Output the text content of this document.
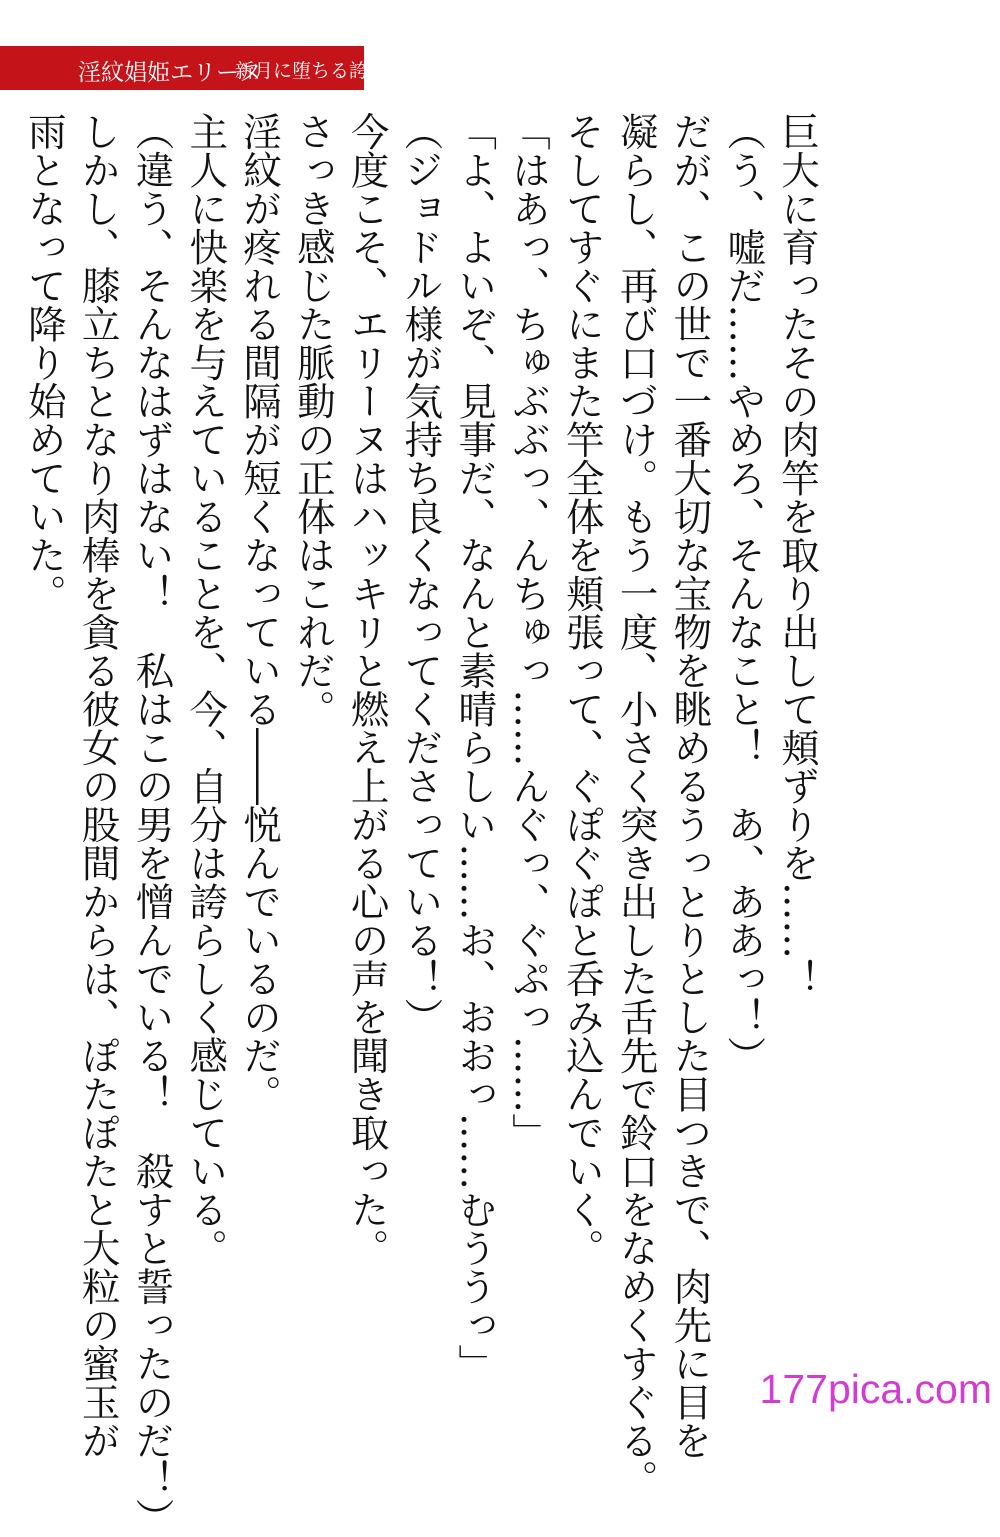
淫紋娼姫エリーヌ
新月に堕ちる誇り
巨大に育ったその肉竿を取り出して頬ずりを……！
（う、嘘だ……やめろ、そんなこと！　あ、ああっ！）
だが、この世で一番大切な宝物を眺めるうっとりとした目つきで、肉先に目を
凝らし、再び口づけ。もう一度、小さく突き出した舌先で鈴口をなめくすぐる。
そしてすぐにまた竿全体を頬張って、ぐぽぐぽと呑み込んでいく。
「はあっ、ちゅぶぶっ、んちゅっ……んぐっ、ぐぷっ……」
「よ、よいぞ、見事だ、なんと素晴らしい……お、おおっ……むううっ」
（ジョドル様が気持ち良くなってくださっている！）
今度こそ、エリーヌはハッキリと燃え上がる心の声を聞き取った。
さっき感じた脈動の正体はこれだ。
淫紋が疼れる間隔が短くなっている――悦んでいるのだ。
主人に快楽を与えていることを、今、自分は誇らしく感じている。
（違う、そんなはずはない！　私はこの男を憎んでいる！　殺すと誓ったのだ！）
しかし、膝立ちとなり肉棒を貪る彼女の股間からは、ぽたぽたと大粒の蜜玉が
雨となって降り始めていた。
177pica.com
